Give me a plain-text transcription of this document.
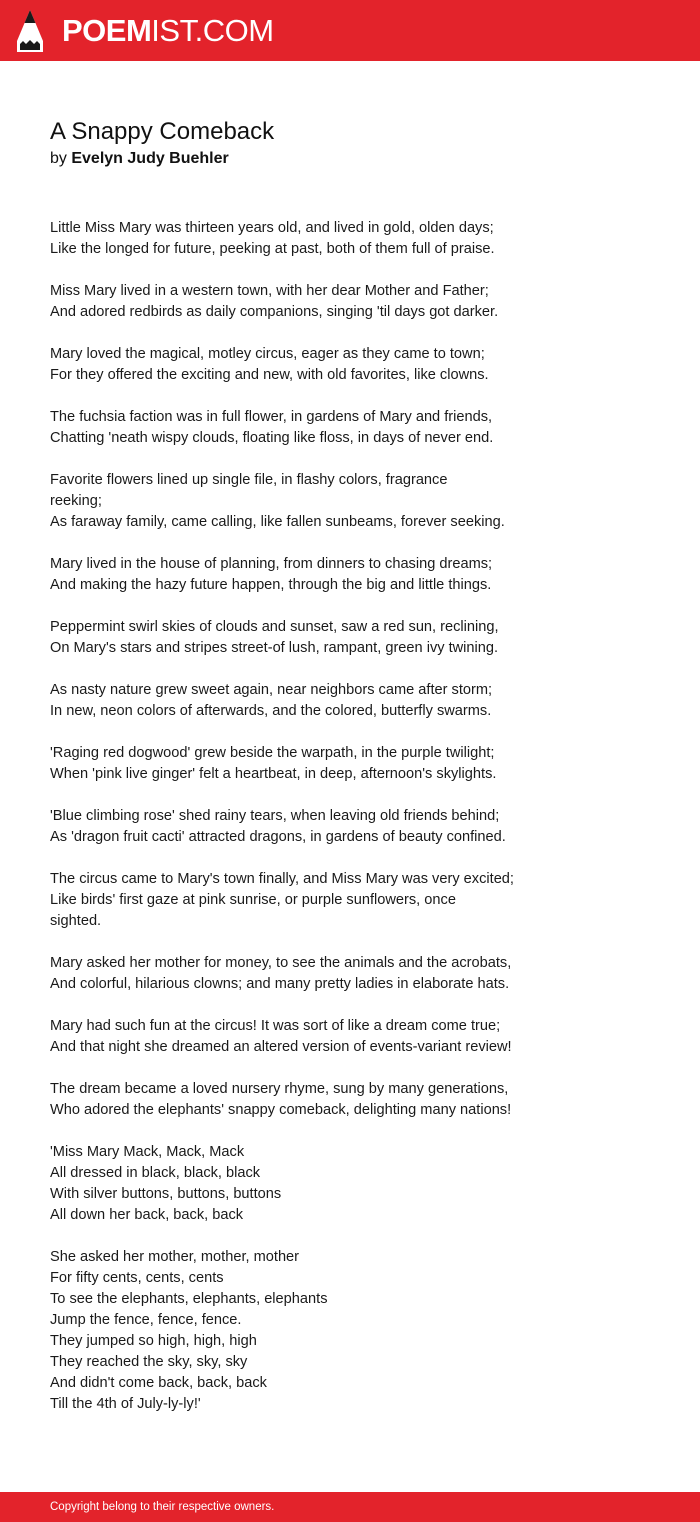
POEMIST.COM
A Snappy Comeback
by Evelyn Judy Buehler
Little Miss Mary was thirteen years old, and lived in gold, olden days;
Like the longed for future, peeking at past, both of them full of praise.
Miss Mary lived in a western town, with her dear Mother and Father;
And adored redbirds as daily companions, singing 'til days got darker.
Mary loved the magical, motley circus, eager as they came to town;
For they offered the exciting and new, with old favorites, like clowns.
The fuchsia faction was in full flower, in gardens of Mary and friends,
Chatting 'neath wispy clouds, floating like floss, in days of never end.
Favorite flowers lined up single file, in flashy colors, fragrance
reeking;
As faraway family, came calling, like fallen sunbeams, forever seeking.
Mary lived in the house of planning, from dinners to chasing dreams;
And making the hazy future happen, through the big and little things.
Peppermint swirl skies of clouds and sunset, saw a red sun, reclining,
On Mary's stars and stripes street-of lush, rampant, green ivy twining.
As nasty nature grew sweet again, near neighbors came after storm;
In new, neon colors of afterwards, and the colored, butterfly swarms.
'Raging red dogwood' grew beside the warpath, in the purple twilight;
When 'pink live ginger' felt a heartbeat, in deep, afternoon's skylights.
'Blue climbing rose' shed rainy tears, when leaving old friends behind;
As 'dragon fruit cacti' attracted dragons, in gardens of beauty confined.
The circus came to Mary's town finally, and Miss Mary was very excited;
Like birds' first gaze at pink sunrise, or purple sunflowers, once
sighted.
Mary asked her mother for money, to see the animals and the acrobats,
And colorful, hilarious clowns; and many pretty ladies in elaborate hats.
Mary had such fun at the circus! It was sort of like a dream come true;
And that night she dreamed an altered version of events-variant review!
The dream became a loved nursery rhyme, sung by many generations,
Who adored the elephants' snappy comeback, delighting many nations!
'Miss Mary Mack, Mack, Mack
All dressed in black, black, black
With silver buttons, buttons, buttons
All down her back, back, back
She asked her mother, mother, mother
For fifty cents, cents, cents
To see the elephants, elephants, elephants
Jump the fence, fence, fence.
They jumped so high, high, high
They reached the sky, sky, sky
And didn't come back, back, back
Till the 4th of July-ly-ly!'
Copyright belong to their respective owners.
